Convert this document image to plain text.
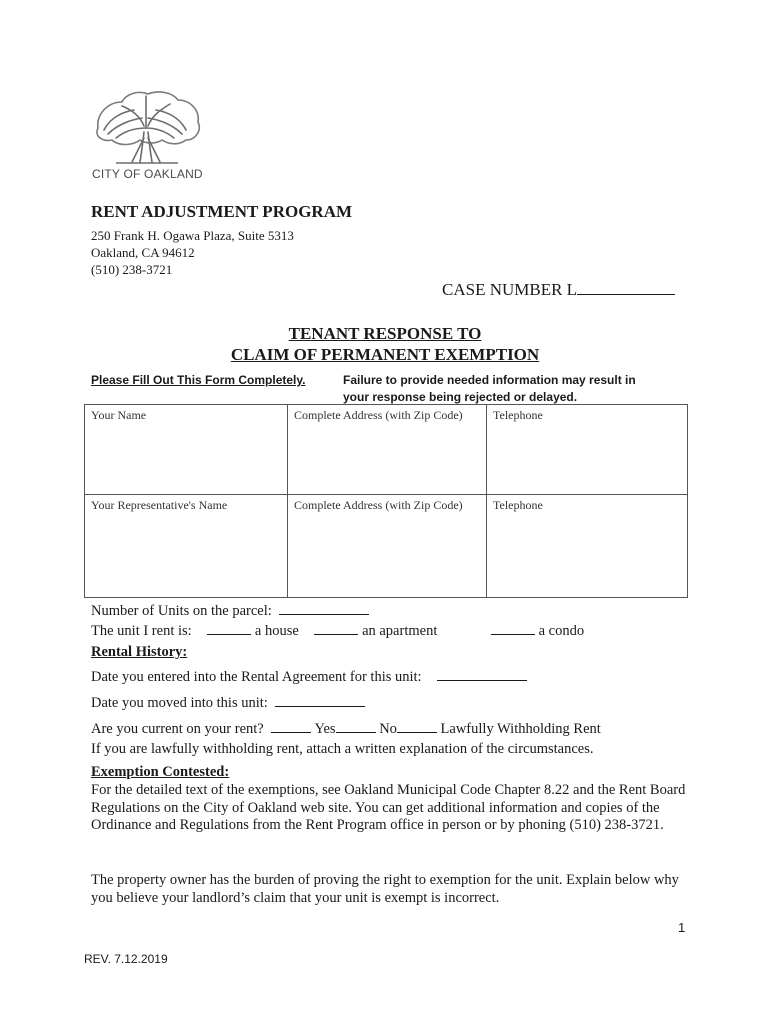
CITY OF OAKLAND
RENT ADJUSTMENT PROGRAM
250 Frank H. Ogawa Plaza, Suite 5313
Oakland, CA 94612
(510) 238-3721
CASE NUMBER L
TENANT RESPONSE TO
CLAIM OF PERMANENT EXEMPTION
Please Fill Out This Form Completely.	Failure to provide needed information may result in
your response being rejected or delayed.
Your Name	Complete Address (with Zip Code)	Telephone
Your Representative's Name	Complete Address (with Zip Code)	Telephone
Number of Units on the parcel:
The unit I rent is:	a house	an apartment	a condo
Rental History:
Date you entered into the Rental Agreement for this unit:
Date you moved into this unit:
Are you current on your rent?	Yes	No	Lawfully Withholding Rent
If you are lawfully withholding rent, attach a written explanation of the circumstances.
Exemption Contested:
For the detailed text of the exemptions, see Oakland Municipal Code Chapter 8.22 and the Rent Board Regulations on the City of Oakland web site. You can get additional information and copies of the Ordinance and Regulations from the Rent Program office in person or by phoning (510) 238-3721.
The property owner has the burden of proving the right to exemption for the unit. Explain below why you believe your landlord’s claim that your unit is exempt is incorrect.
1
REV. 7.12.2019
